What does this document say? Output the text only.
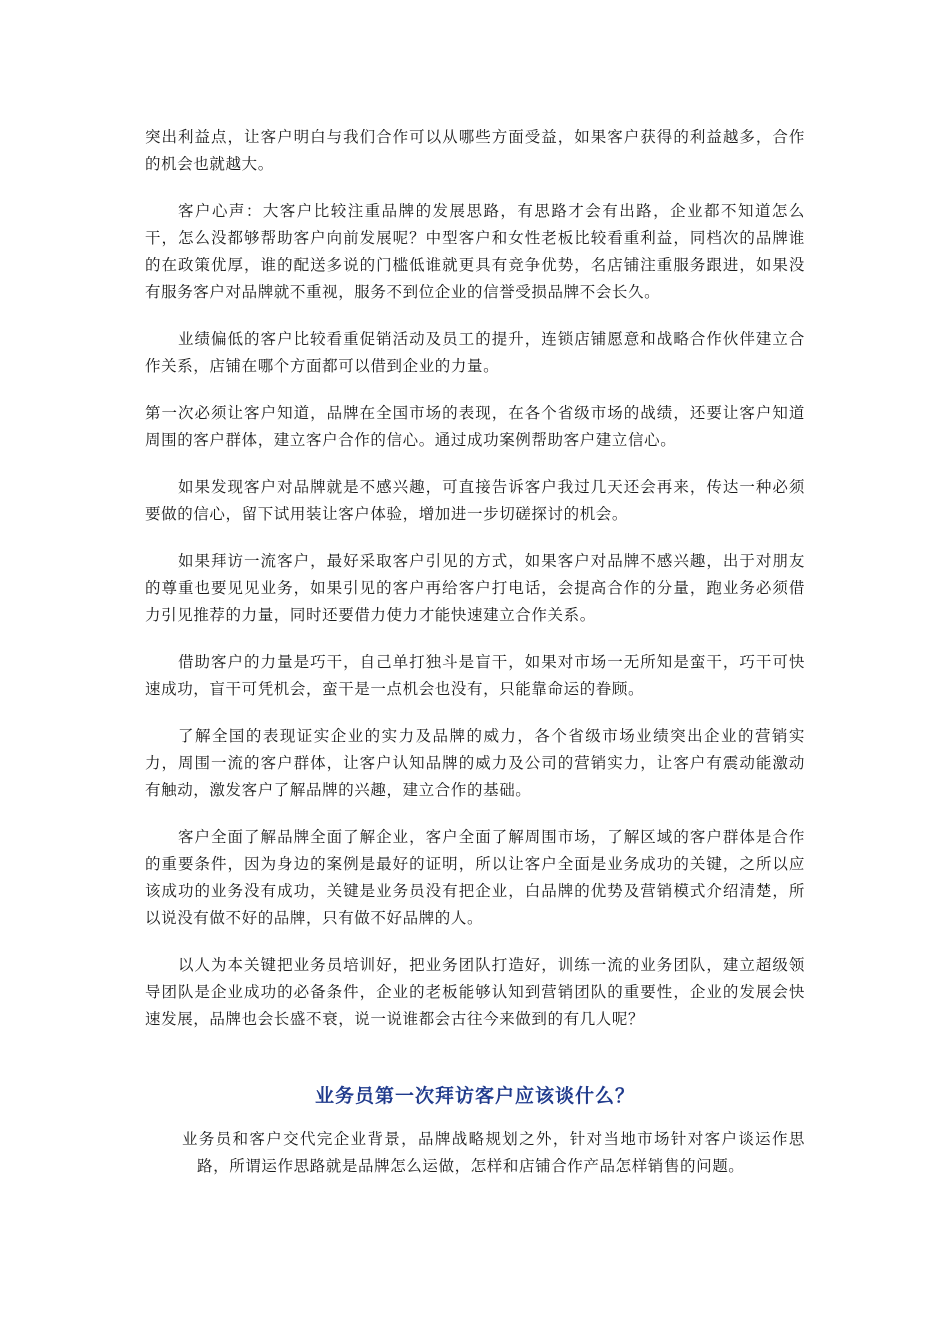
突出利益点，让客户明白与我们合作可以从哪些方面受益，如果客户获得的利益越多，合作的机会也就越大。

客户心声：大客户比较注重品牌的发展思路，有思路才会有出路，企业都不知道怎么干，怎么没都够帮助客户向前发展呢？中型客户和女性老板比较看重利益，同档次的品牌谁的在政策优厚，谁的配送多说的门槛低谁就更具有竞争优势，名店铺注重服务跟进，如果没有服务客户对品牌就不重视，服务不到位企业的信誉受损品牌不会长久。

业绩偏低的客户比较看重促销活动及员工的提升，连锁店铺愿意和战略合作伙伴建立合作关系，店铺在哪个方面都可以借到企业的力量。

第一次必须让客户知道，品牌在全国市场的表现，在各个省级市场的战绩，还要让客户知道周围的客户群体，建立客户合作的信心。通过成功案例帮助客户建立信心。

如果发现客户对品牌就是不感兴趣，可直接告诉客户我过几天还会再来，传达一种必须要做的信心，留下试用装让客户体验，增加进一步切磋探讨的机会。

如果拜访一流客户，最好采取客户引见的方式，如果客户对品牌不感兴趣，出于对朋友的尊重也要见见业务，如果引见的客户再给客户打电话，会提高合作的分量，跑业务必须借力引见推荐的力量，同时还要借力使力才能快速建立合作关系。

借助客户的力量是巧干，自己单打独斗是盲干，如果对市场一无所知是蛮干，巧干可快速成功，盲干可凭机会，蛮干是一点机会也没有，只能靠命运的眷顾。

了解全国的表现证实企业的实力及品牌的威力，各个省级市场业绩突出企业的营销实力，周围一流的客户群体，让客户认知品牌的威力及公司的营销实力，让客户有震动能激动有触动，激发客户了解品牌的兴趣，建立合作的基础。

客户全面了解品牌全面了解企业，客户全面了解周围市场，了解区域的客户群体是合作的重要条件，因为身边的案例是最好的证明，所以让客户全面是业务成功的关键，之所以应该成功的业务没有成功，关键是业务员没有把企业，白品牌的优势及营销模式介绍清楚，所以说没有做不好的品牌，只有做不好品牌的人。

以人为本关键把业务员培训好，把业务团队打造好，训练一流的业务团队，建立超级领导团队是企业成功的必备条件，企业的老板能够认知到营销团队的重要性，企业的发展会快速发展，品牌也会长盛不衰，说一说谁都会古往今来做到的有几人呢？

业务员第一次拜访客户应该谈什么？

业务员和客户交代完企业背景，品牌战略规划之外，针对当地市场针对客户谈运作思路，所谓运作思路就是品牌怎么运做，怎样和店铺合作产品怎样销售的问题。
